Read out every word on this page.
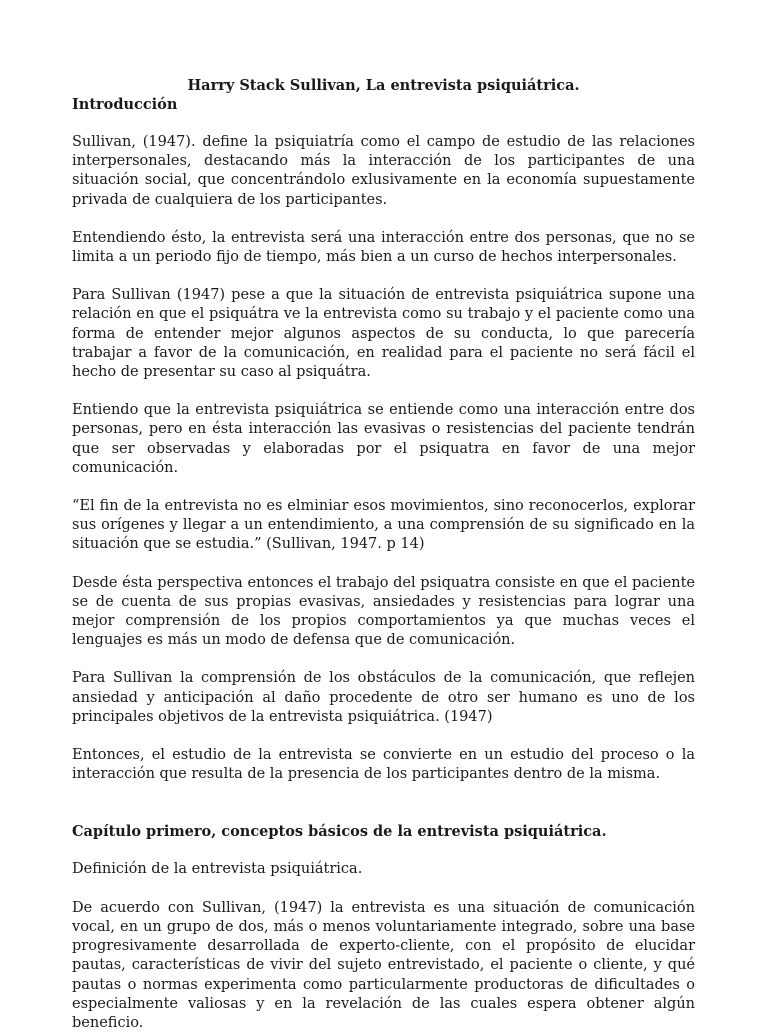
Harry Stack Sullivan, La entrevista psiquiátrica.

Introducción

Sullivan, (1947). define la psiquiatría como el campo de estudio de las relaciones interpersonales, destacando más la interacción de los participantes de una situación social, que concentrándolo exlusivamente en la economía supuestamente privada de cualquiera de los participantes.

Entendiendo ésto, la entrevista será una interacción entre dos personas, que no se limita a un periodo fijo de tiempo, más bien a un curso de hechos interpersonales.

Para Sullivan (1947) pese a que la situación de entrevista psiquiátrica supone una relación en que el psiquátra ve la entrevista como su trabajo y el paciente como una forma de entender mejor algunos aspectos de su conducta, lo que parecería trabajar a favor de la comunicación, en realidad para el paciente no será fácil el hecho de presentar su caso al psiquátra.

Entiendo que la entrevista psiquiátrica se entiende como una interacción entre dos personas, pero en ésta interacción las evasivas o resistencias del paciente tendrán que ser observadas y elaboradas por el psiquatra en favor de una mejor comunicación.

“El fin de la entrevista no es elminiar esos movimientos, sino reconocerlos, explorar sus orígenes y llegar a un entendimiento, a una comprensión de su significado en la situación que se estudia.” (Sullivan, 1947. p 14)

Desde ésta perspectiva entonces el trabajo del psiquatra consiste en que el paciente se de cuenta de sus propias evasivas, ansiedades y resistencias para lograr una mejor comprensión de los propios comportamientos ya que muchas veces el lenguajes es más un modo de defensa que de comunicación.

Para Sullivan la comprensión de los obstáculos de la comunicación, que reflejen ansiedad y anticipación al daño procedente de otro ser humano es uno de los principales objetivos de la entrevista psiquiátrica. (1947)

Entonces, el estudio de la entrevista se convierte en un estudio del proceso o la interacción que resulta de la presencia de los participantes dentro de la misma.

Capítulo primero, conceptos básicos de la entrevista psiquiátrica.

Definición de la entrevista psiquiátrica.

De acuerdo con Sullivan, (1947) la entrevista es una situación de comunicación vocal, en un grupo de dos, más o menos voluntariamente integrado, sobre una base progresivamente desarrollada de experto-cliente, con el propósito de elucidar pautas, características de vivir del sujeto entrevistado, el paciente o cliente, y qué pautas o normas experimenta como particularmente productoras de dificultades o especialmente valiosas y en la revelación de las cuales espera obtener algún beneficio.
